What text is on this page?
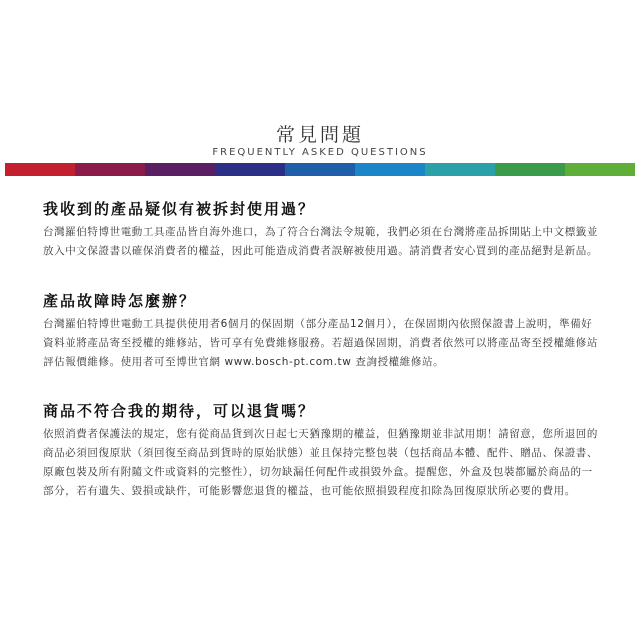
常見問題
FREQUENTLY ASKED QUESTIONS
我收到的產品疑似有被拆封使用過？

台灣羅伯特博世電動工具產品皆自海外進口，為了符合台灣法令規範，我們必須在台灣將產品拆開貼上中文標籤並放入中文保證書以確保消費者的權益，因此可能造成消費者誤解被使用過。請消費者安心買到的產品絕對是新品。

產品故障時怎麼辦？

台灣羅伯特博世電動工具提供使用者6個月的保固期（部分產品12個月），在保固期內依照保證書上說明，準備好資料並將產品寄至授權的維修站，皆可享有免費維修服務。若超過保固期，消費者依然可以將產品寄至授權維修站評估報價維修。使用者可至博世官網 www.bosch-pt.com.tw 查詢授權維修站。

商品不符合我的期待，可以退貨嗎？

依照消費者保護法的規定，您有從商品貨到次日起七天猶豫期的權益，但猶豫期並非試用期！請留意，您所退回的商品必須回復原狀（須回復至商品到貨時的原始狀態）並且保持完整包裝（包括商品本體、配件、贈品、保證書、原廠包裝及所有附隨文件或資料的完整性），切勿缺漏任何配件或損毀外盒。提醒您，外盒及包裝都屬於商品的一部分，若有遺失、毀損或缺件，可能影響您退貨的權益，也可能依照損毀程度扣除為回復原狀所必要的費用。
